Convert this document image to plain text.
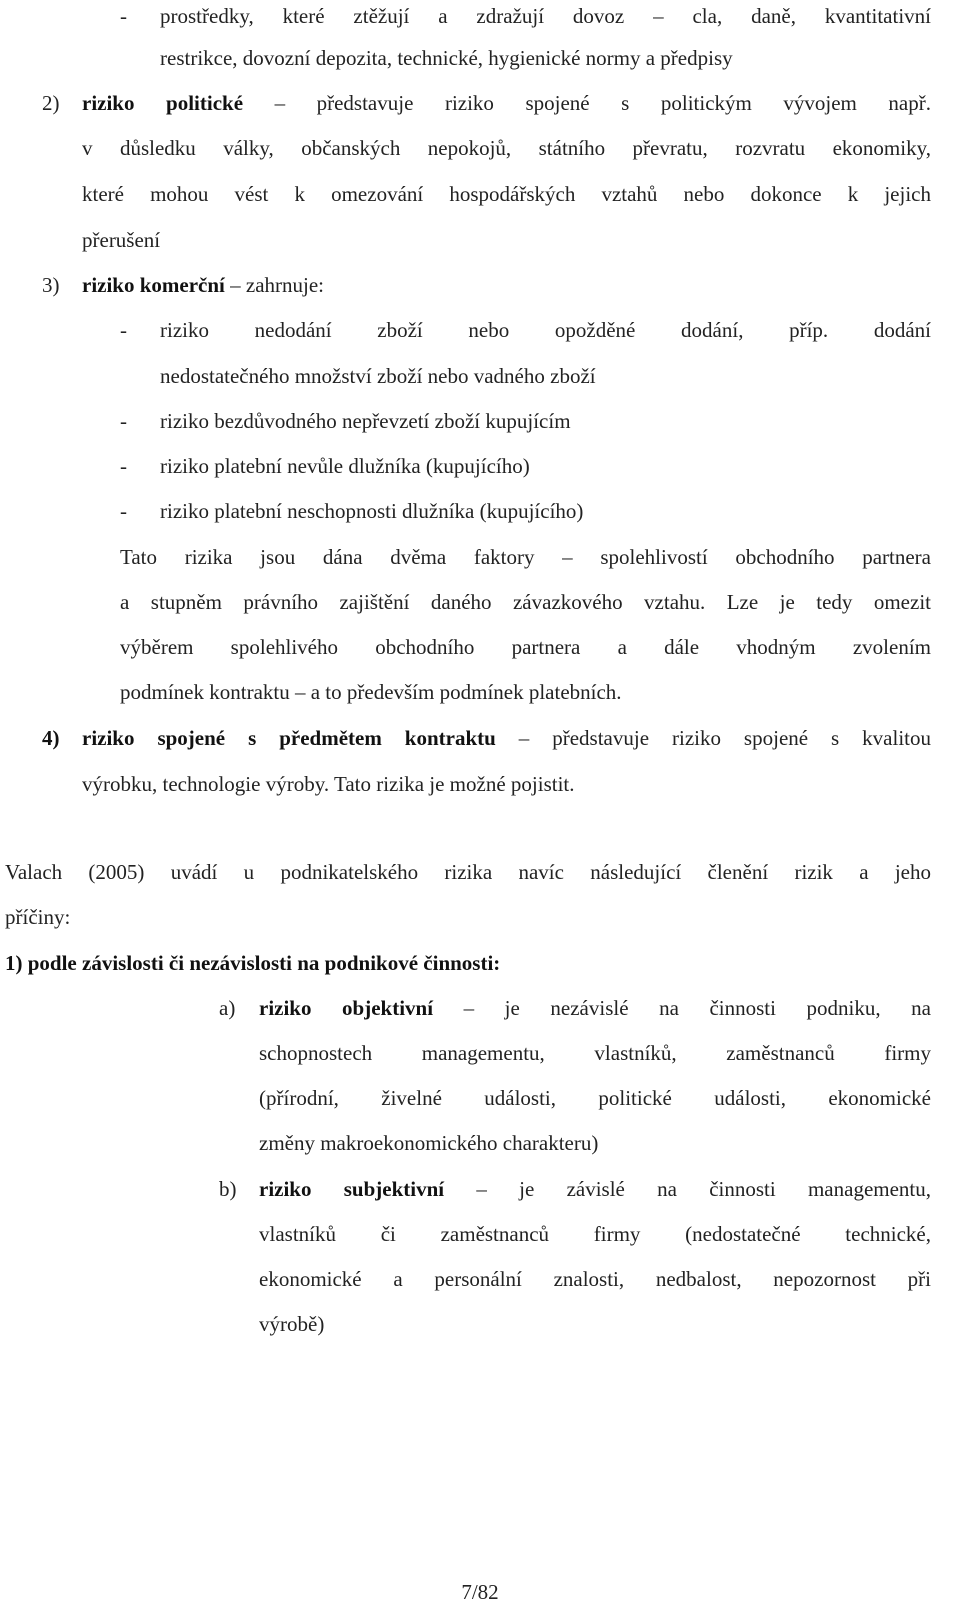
- prostředky, které ztěžují a zdražují dovoz – cla, daně, kvantitativní
restrikce, dovozní depozita, technické, hygienické normy a předpisy
2) riziko politické – představuje riziko spojené s politickým vývojem např.
v důsledku války, občanských nepokojů, státního převratu, rozvratu ekonomiky,
které mohou vést k omezování hospodářských vztahů nebo dokonce k jejich
přerušení
3) riziko komerční – zahrnuje:
- riziko nedodání zboží nebo opožděné dodání, příp. dodání
nedostatečného množství zboží nebo vadného zboží
- riziko bezdůvodného nepřevzetí zboží kupujícím
- riziko platební nevůle dlužníka (kupujícího)
- riziko platební neschopnosti dlužníka (kupujícího)
Tato rizika jsou dána dvěma faktory – spolehlivostí obchodního partnera
a stupněm právního zajištění daného závazkového vztahu. Lze je tedy omezit
výběrem spolehlivého obchodního partnera a dále vhodným zvolením
podmínek kontraktu – a to především podmínek platebních.
4) riziko spojené s předmětem kontraktu – představuje riziko spojené s kvalitou
výrobku, technologie výroby. Tato rizika je možné pojistit.
Valach (2005) uvádí u podnikatelského rizika navíc následující členění rizik a jeho
příčiny:
1) podle závislosti či nezávislosti na podnikové činnosti:
a) riziko objektivní – je nezávislé na činnosti podniku, na
schopnostech managementu, vlastníků, zaměstnanců firmy
(přírodní, živelné události, politické události, ekonomické
změny makroekonomického charakteru)
b) riziko subjektivní – je závislé na činnosti managementu,
vlastníků či zaměstnanců firmy (nedostatečné technické,
ekonomické a personální znalosti, nedbalost, nepozornost při
výrobě)
7/82
